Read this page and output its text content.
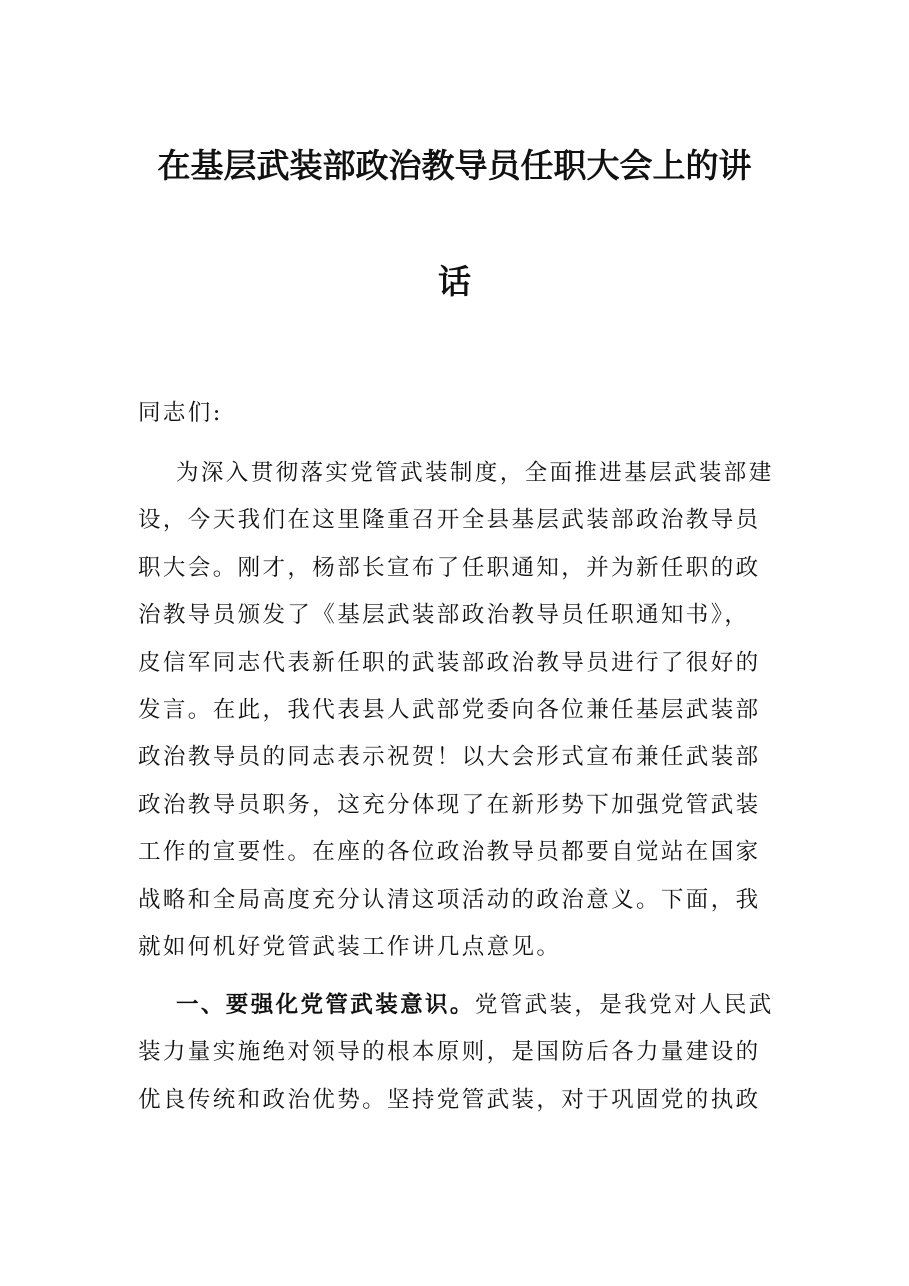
在基层武装部政治教导员任职大会上的讲
话
同志们:
为深入贯彻落实党管武装制度，全面推进基层武装部建
设，今天我们在这里隆重召开全县基层武装部政治教导员
职大会。刚才，杨部长宣布了任职通知，并为新任职的政
治教导员颁发了《基层武装部政治教导员任职通知书》，
皮信军同志代表新任职的武装部政治教导员进行了很好的
发言。在此，我代表县人武部党委向各位兼任基层武装部
政治教导员的同志表示祝贺！以大会形式宣布兼任武装部
政治教导员职务，这充分体现了在新形势下加强党管武装
工作的宣要性。在座的各位政治教导员都要自觉站在国家
战略和全局高度充分认清这项活动的政治意义。下面，我
就如何机好党管武装工作讲几点意见。
一、要强化党管武装意识。党管武装，是我党对人民武
装力量实施绝对领导的根本原则，是国防后各力量建设的
优良传统和政治优势。坚持党管武装，对于巩固党的执政
